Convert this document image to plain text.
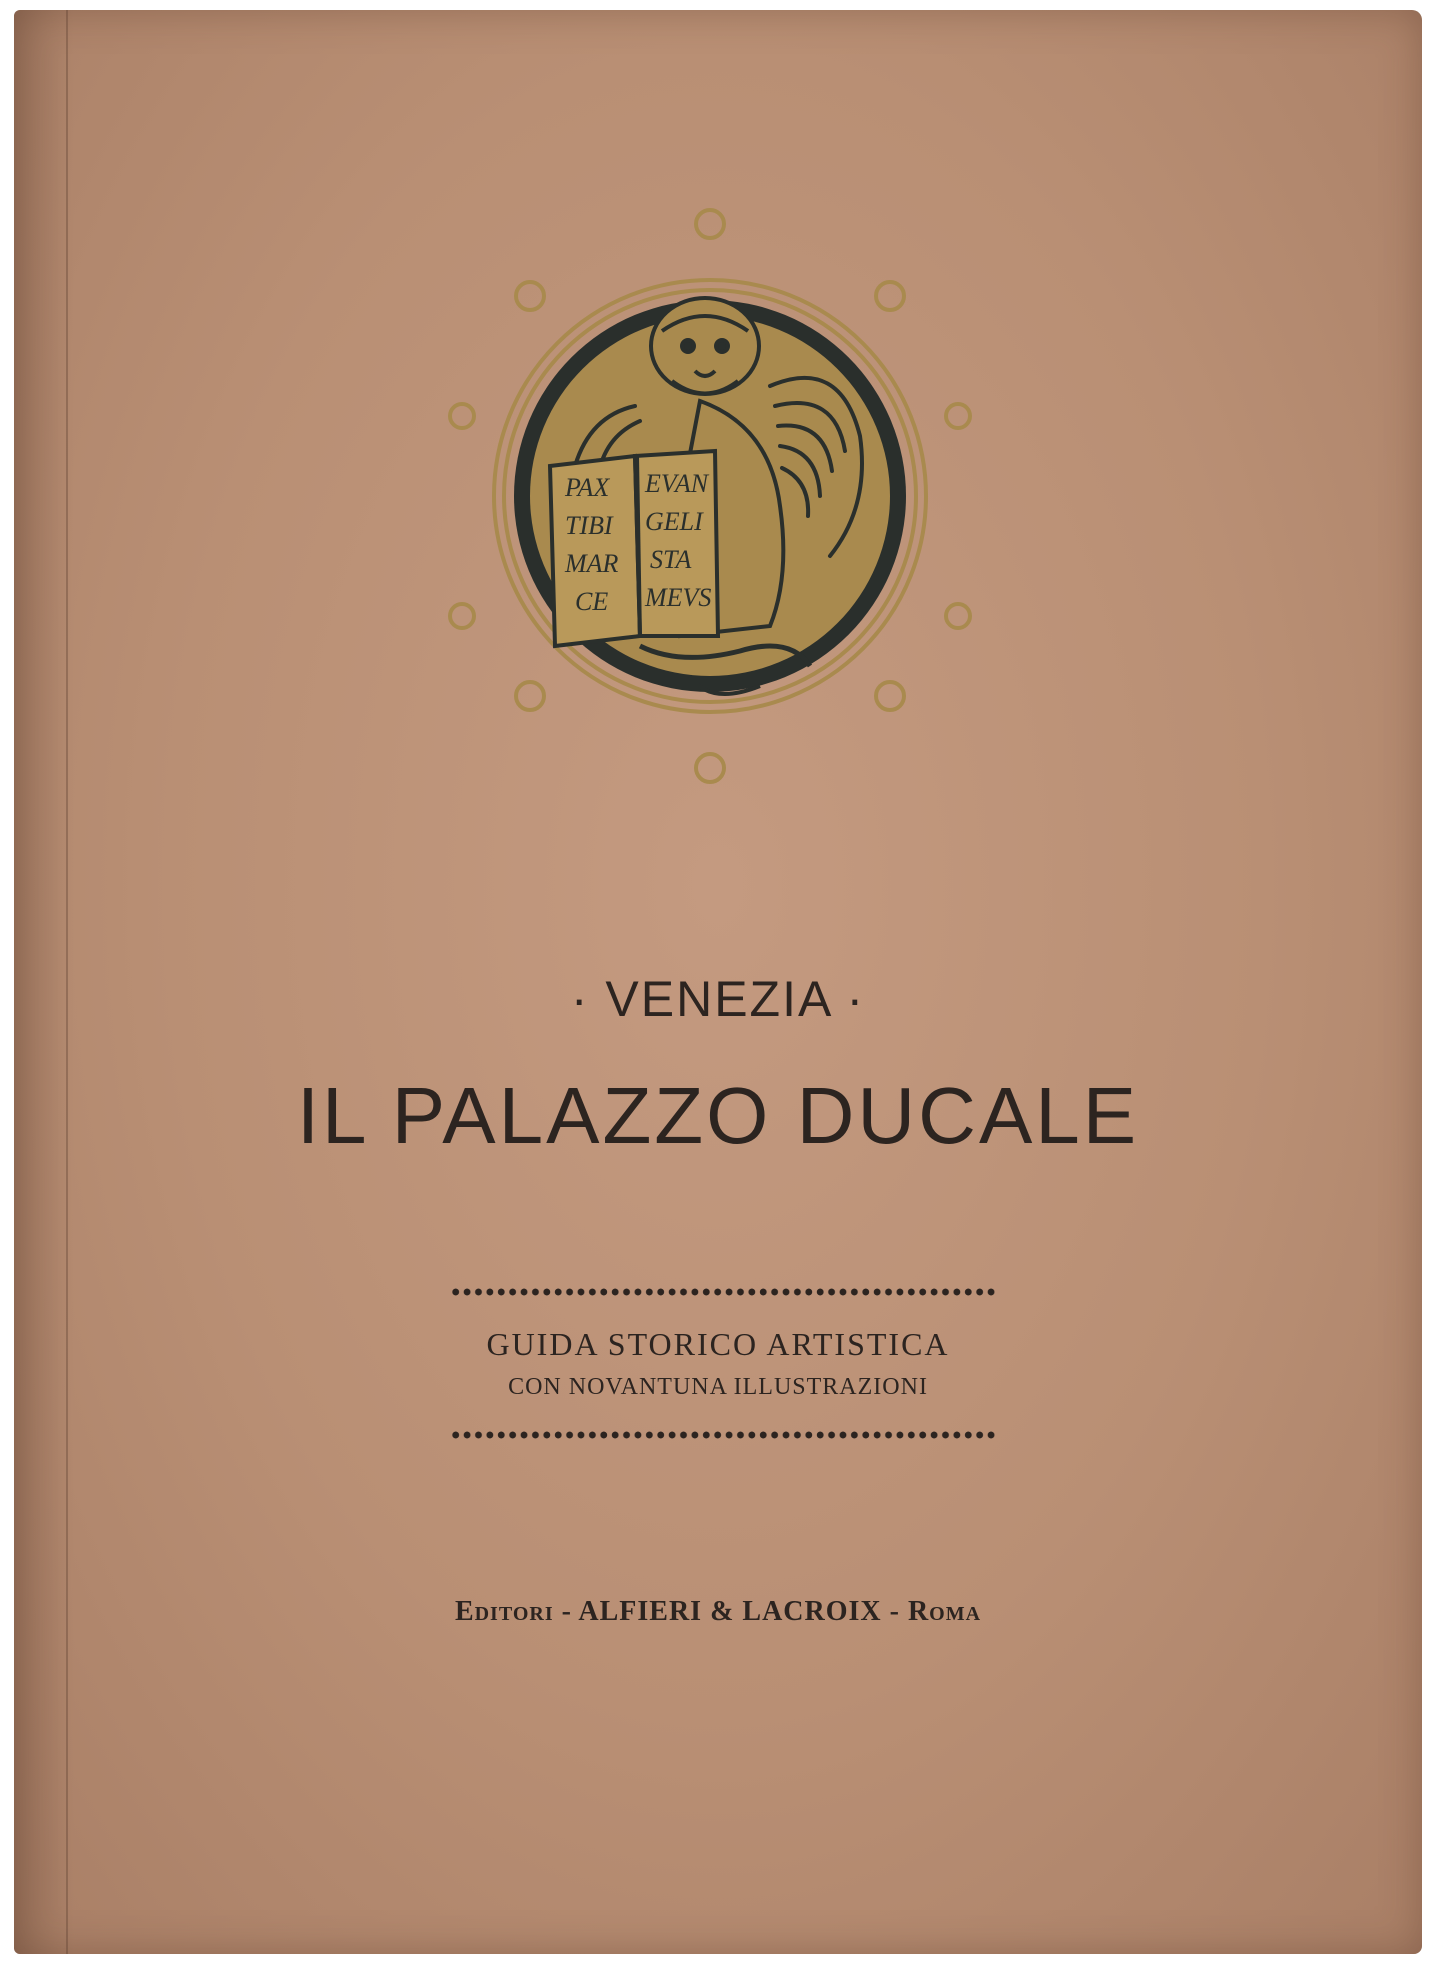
PAX
TIBI
MAR
CE
EVAN
GELI
STA
MEVS
· VENEZIA ·
IL PALAZZO DUCALE
GUIDA STORICO ARTISTICA
CON NOVANTUNA ILLUSTRAZIONI
Editori - ALFIERI & LACROIX - Roma
